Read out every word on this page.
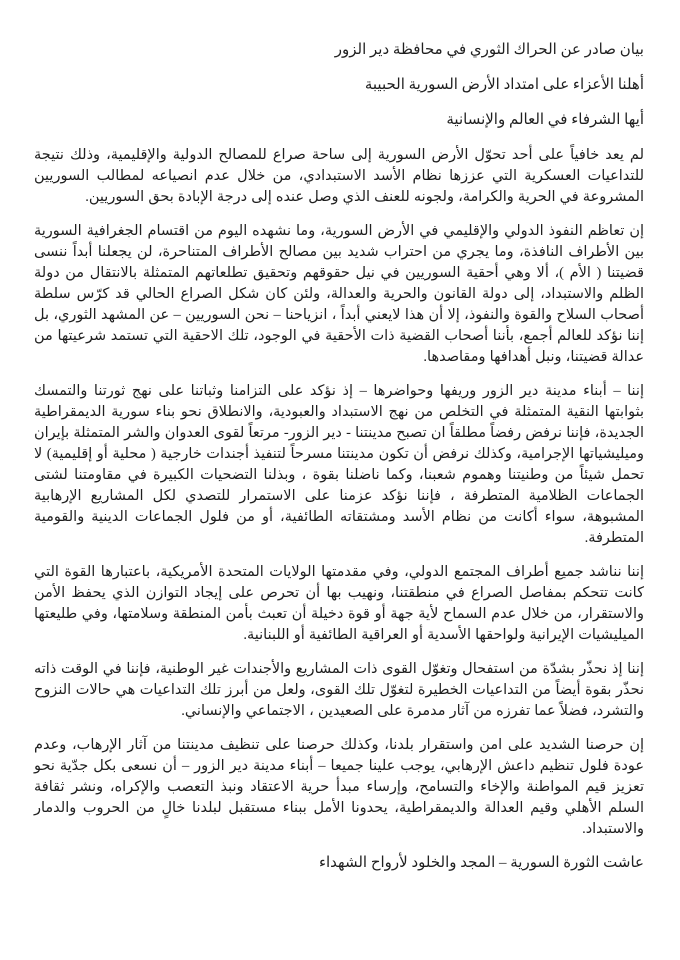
بيان صادر عن الحراك الثوري في محافظة دير الزور

أهلنا الأعزاء على امتداد الأرض السورية الحبيبة

أيها الشرفاء في العالم والإنسانية

لم يعد خافياً على أحد تحوّل الأرض السورية إلى ساحة صراع للمصالح الدولية والإقليمية، وذلك نتيجة للتداعيات العسكرية التي عززها نظام الأسد الاستبدادي، من خلال عدم انصياعه لمطالب السوريين المشروعة في الحرية والكرامة، ولجونه للعنف الذي وصل عنده إلى درجة الإبادة بحق السوريين.

إن تعاظم النفوذ الدولي والإقليمي في الأرض السورية، وما نشهده اليوم من اقتسام الجغرافية السورية بين الأطراف النافذة، وما يجري من احتراب شديد بين مصالح الأطراف المتناحرة، لن يجعلنا أبداً ننسى قضيتنا ( الأم )، ألا وهي أحقية السوريين في نيل حقوقهم وتحقيق تطلعاتهم المتمثلة بالانتقال من دولة الظلم والاستبداد، إلى دولة القانون والحرية والعدالة، ولئن كان شكل الصراع الحالي قد كرّس سلطة أصحاب السلاح والقوة والنفوذ، إلا أن هذا لايعني أبداً ، انزياحنا – نحن السوريين – عن المشهد الثوري، بل إننا نؤكد للعالم أجمع، بأننا أصحاب القضية ذات الأحقية في الوجود، تلك الاحقية التي تستمد شرعيتها من عدالة قضيتنا، ونبل أهدافها ومقاصدها.

إننا – أبناء مدينة دير الزور وريفها وحواضرها – إذ نؤكد على التزامنا وثباتنا على نهج ثورتنا والتمسك بثوابتها النقية المتمثلة في التخلص من نهج الاستبداد والعبودية، والانطلاق نحو بناء سورية الديمقراطية الجديدة، فإننا نرفض رفضاً مطلقاً ان تصبح مدينتنا - دير الزور- مرتعاً لقوى العدوان والشر المتمثلة بإيران وميليشياتها الإجرامية، وكذلك نرفض أن تكون مدينتنا مسرحاً لتنفيذ أجندات خارجية ( محلية أو إقليمية) لا تحمل شيئاً من وطنيتنا وهموم شعبنا، وكما ناضلنا بقوة ، وبذلنا التضحيات الكبيرة في مقاومتنا لشتى الجماعات الظلامية المتطرفة ، فإننا نؤكد عزمنا على الاستمرار للتصدي لكل المشاريع الإرهابية المشبوهة، سواء أكانت من نظام الأسد ومشتقاته الطائفية، أو من فلول الجماعات الدينية والقومية المتطرفة.

إننا نناشد جميع أطراف المجتمع الدولي، وفي مقدمتها الولايات المتحدة الأمريكية، باعتبارها القوة التي كانت تتحكم بمفاصل الصراع في منطقتنا، ونهيب بها أن تحرص على إيجاد التوازن الذي يحفظ الأمن والاستقرار، من خلال عدم السماح لأية جهة أو قوة دخيلة أن تعبث بأمن المنطقة وسلامتها، وفي طليعتها الميليشيات الإيرانية ولواحقها الأسدية أو العراقية الطائفية أو اللبنانية.

إننا إذ نحذّر بشدّة من استفحال وتغوّل القوى ذات المشاريع والأجندات غير الوطنية، فإننا في الوقت ذاته نحذّر بقوة أيضاً من التداعيات الخطيرة لتغوّل تلك القوى، ولعل من أبرز تلك التداعيات هي حالات النزوح والتشرد، فضلاً عما تفرزه من آثار مدمرة على الصعيدين ، الاجتماعي والإنساني.

إن حرصنا الشديد على امن واستقرار بلدنا، وكذلك حرصنا على تنظيف مدينتنا من آثار الإرهاب، وعدم عودة فلول تنظيم داعش الإرهابي، يوجب علينا جميعا – أبناء مدينة دير الزور – أن نسعى بكل جدّية نحو تعزيز قيم المواطنة والإخاء والتسامح، وإرساء مبدأ حرية الاعتقاد ونبذ التعصب والإكراه، ونشر ثقافة السلم الأهلي وقيم العدالة والديمقراطية، يحدونا الأمل ببناء مستقبل لبلدنا خالٍ من الحروب والدمار والاستبداد.

عاشت الثورة السورية – المجد والخلود لأرواح الشهداء
